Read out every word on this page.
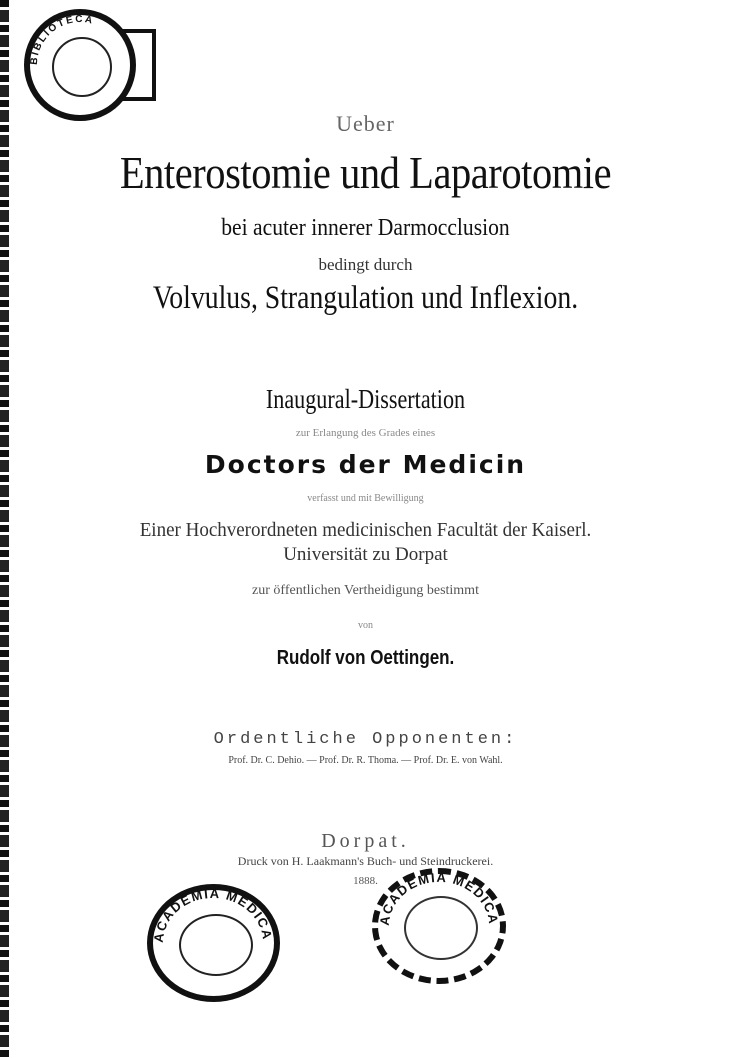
BIBLIOTECA
Ueber
Enterostomie und Laparotomie
bei acuter innerer Darmocclusion
bedingt durch
Volvulus, Strangulation und Inflexion.
Inaugural-Dissertation
zur Erlangung des Grades eines
Doctors der Medicin
verfasst und mit Bewilligung
Einer Hochverordneten medicinischen Facultät der Kaiserl.
Universität zu Dorpat
zur öffentlichen Vertheidigung bestimmt
von
Rudolf von Oettingen.
Ordentliche Opponenten:
Prof. Dr. C. Dehio. — Prof. Dr. R. Thoma. — Prof. Dr. E. von Wahl.
Dorpat.
Druck von H. Laakmann's Buch- und Steindruckerei.
1888.
ACADEMIA MEDICA
ACADEMIA MEDICA
